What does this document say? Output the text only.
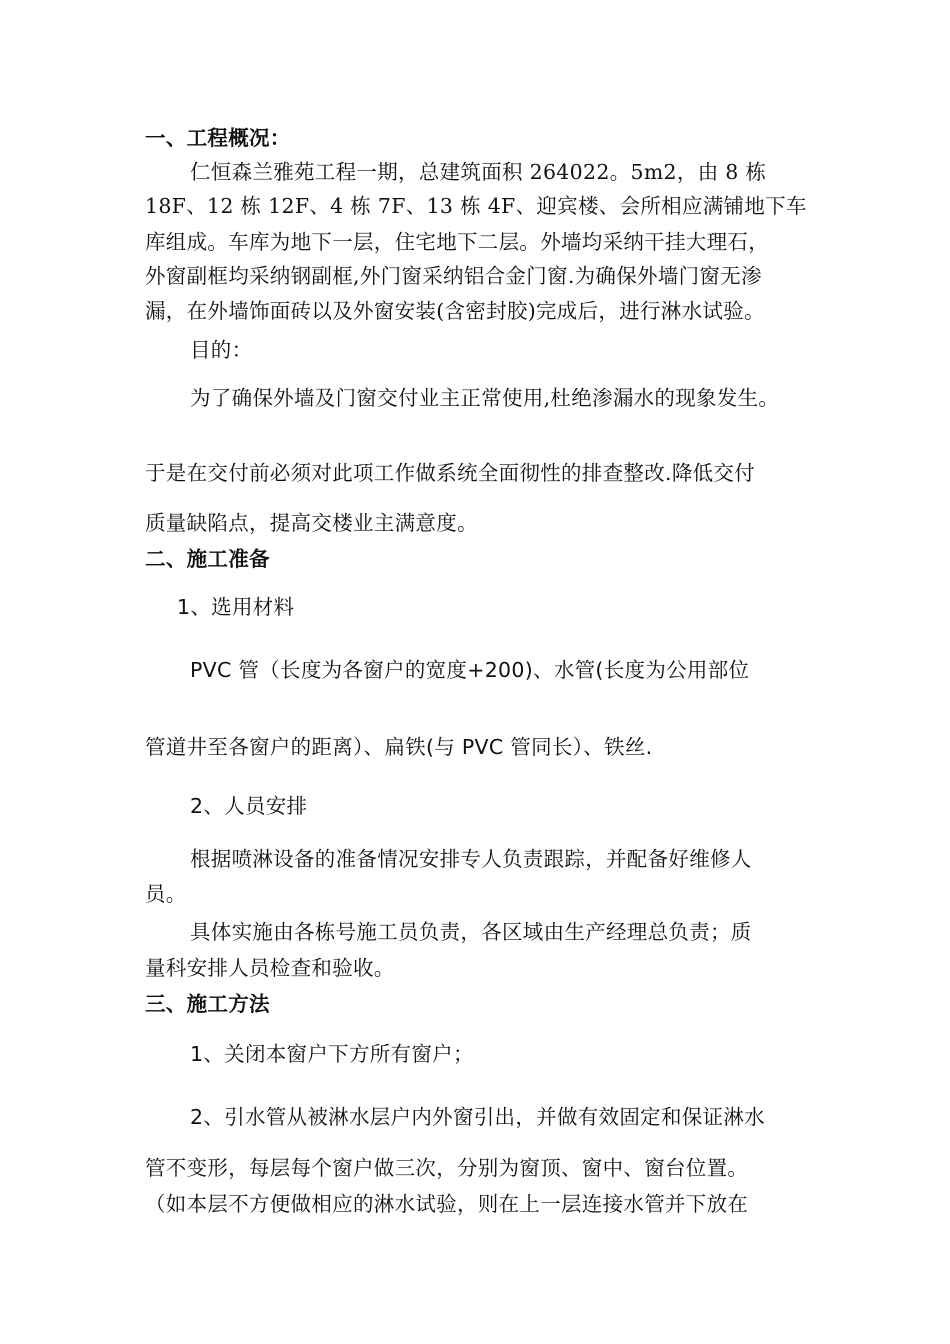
一、工程概况：
仁恒森兰雅苑工程一期，总建筑面积 264022。5m2，由 8 栋
18F、12 栋 12F、4 栋 7F、13 栋 4F、迎宾楼、会所相应满铺地下车
库组成。车库为地下一层，住宅地下二层。外墙均采纳干挂大理石，
外窗副框均采纳钢副框,外门窗采纳铝合金门窗.为确保外墙门窗无渗
漏，在外墙饰面砖以及外窗安装(含密封胶)完成后，进行淋水试验。
目的：
为了确保外墙及门窗交付业主正常使用,杜绝渗漏水的现象发生。
于是在交付前必须对此项工作做系统全面彻性的排查整改.降低交付
质量缺陷点，提高交楼业主满意度。
二、施工准备
1、选用材料
PVC 管（长度为各窗户的宽度+200)、水管(长度为公用部位
管道井至各窗户的距离）、扁铁(与 PVC 管同长）、铁丝.
2、人员安排
根据喷淋设备的准备情况安排专人负责跟踪，并配备好维修人
员。
具体实施由各栋号施工员负责，各区域由生产经理总负责；质
量科安排人员检查和验收。
三、施工方法
1、关闭本窗户下方所有窗户；
2、引水管从被淋水层户内外窗引出，并做有效固定和保证淋水
管不变形，每层每个窗户做三次，分别为窗顶、窗中、窗台位置。
（如本层不方便做相应的淋水试验，则在上一层连接水管并下放在
